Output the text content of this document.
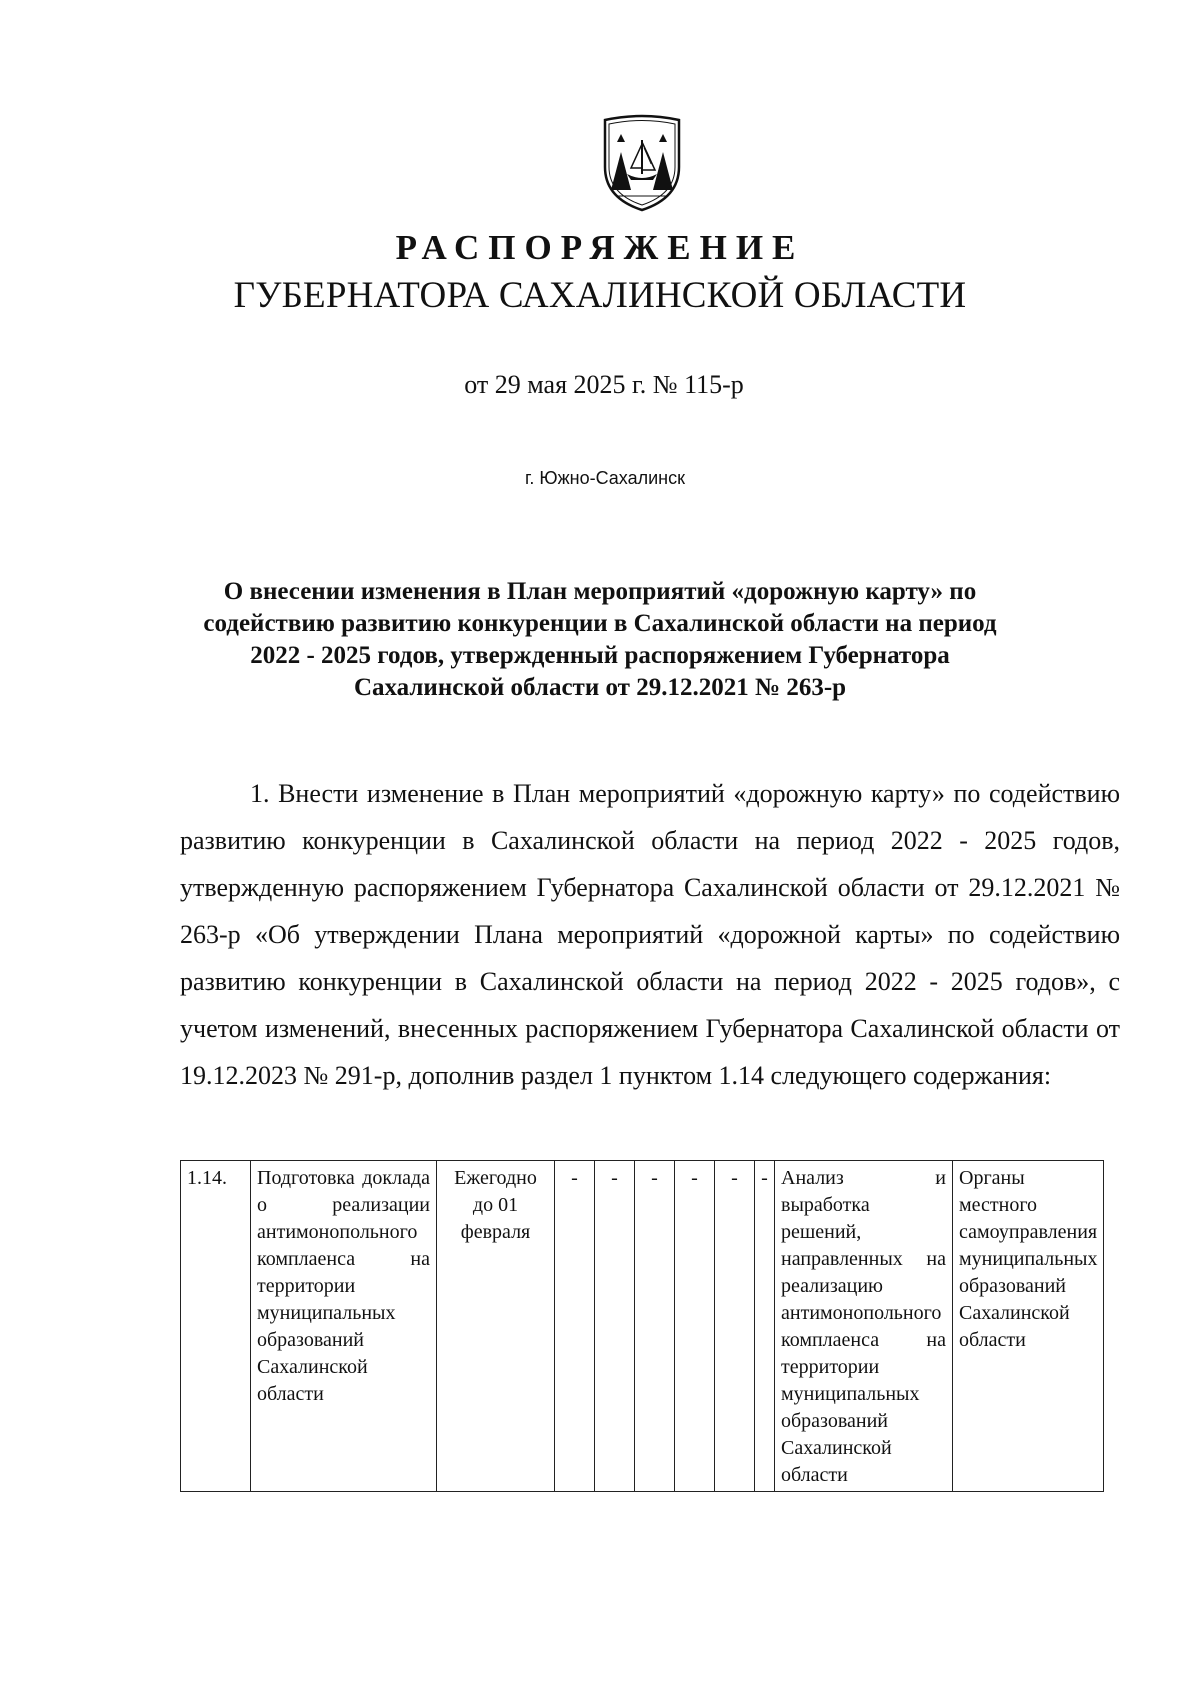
РАСПОРЯЖЕНИЕ
ГУБЕРНАТОРА САХАЛИНСКОЙ ОБЛАСТИ
от 29 мая 2025 г. № 115-р
г. Южно-Сахалинск
О внесении изменения в План мероприятий «дорожную карту» по
содействию развитию конкуренции в Сахалинской области на период
2022 - 2025 годов, утвержденный распоряжением Губернатора
Сахалинской области от 29.12.2021 № 263-р

1. Внести изменение в План мероприятий «дорожную карту» по содействию развитию конкуренции в Сахалинской области на период 2022 - 2025 годов, утвержденную распоряжением Губернатора Сахалинской области от 29.12.2021 № 263-р «Об утверждении Плана мероприятий «дорожной карты» по содействию развитию конкуренции в Сахалинской области на период 2022 - 2025 годов», с учетом изменений, внесенных распоряжением Губернатора Сахалинской области от 19.12.2023 № 291-р, дополнив раздел 1 пунктом 1.14 следующего содержания:

1.14.	Подготовка доклада о реализации антимонопольного комплаенса на территории муниципальных образований Сахалинской области	Ежегодно до 01 февраля	-	-	-	-	-	-	Анализ и выработка решений, направленных на реализацию антимонопольного комплаенса на территории муниципальных образований Сахалинской области	Органы местного самоуправления муниципальных образований Сахалинской области
